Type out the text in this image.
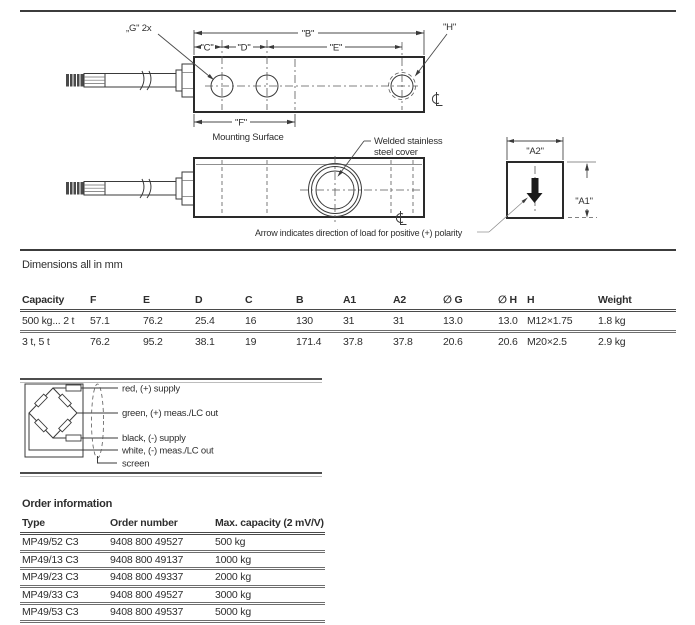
"B"
"C"	"D"	"E"
„G" 2x	"H"
"F"
Mounting Surface	Welded stainless
steel cover
Arrow indicates direction of load for positive (+) polarity
"A2"
"A1"
red, (+) supply
green, (+) meas./LC out
black, (-) supply
white, (-) meas./LC out
screen
Dimensions all in mm
Capacity	F	E	D	C	B	A1	A2	∅ G	∅ H	H	Weight
500 kg... 2 t	57.1	76.2	25.4	16	130	31	31	13.0	13.0	M12×1.75	1.8 kg
3 t, 5 t	76.2	95.2	38.1	19	171.4	37.8	37.8	20.6	20.6	M20×2.5	2.9 kg
Order information
Type	Order number	Max. capacity (2 mV/V)
MP49/52 C3	9408 800 49527	500 kg
MP49/13 C3	9408 800 49137	1000 kg
MP49/23 C3	9408 800 49337	2000 kg
MP49/33 C3	9408 800 49527	3000 kg
MP49/53 C3	9408 800 49537	5000 kg
